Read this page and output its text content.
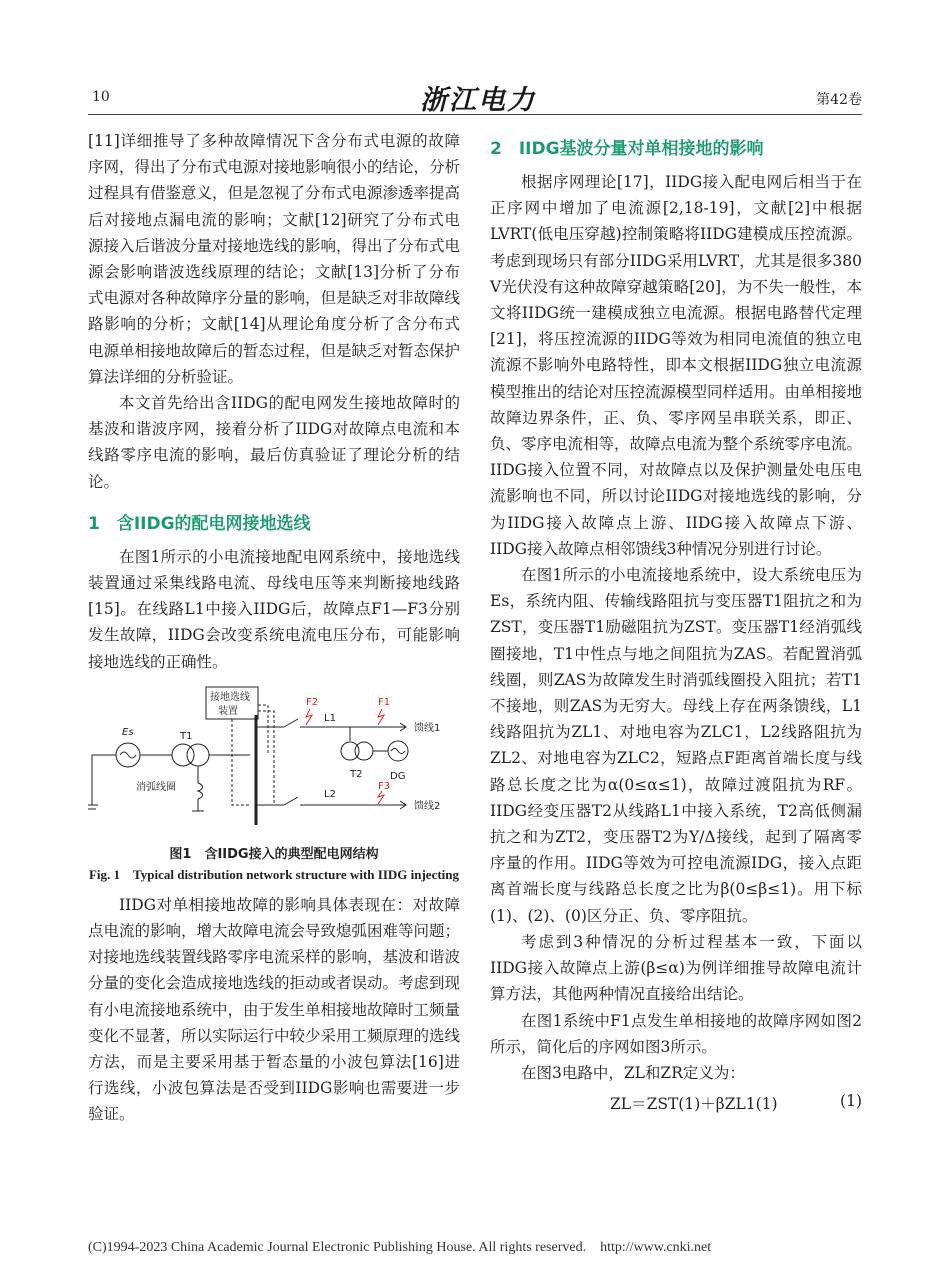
10	浙江电力	第42卷

[11]详细推导了多种故障情况下含分布式电源的故障序网，得出了分布式电源对接地影响很小的结论，分析过程具有借鉴意义，但是忽视了分布式电源渗透率提高后对接地点漏电流的影响；文献[12]研究了分布式电源接入后谐波分量对接地选线的影响，得出了分布式电源会影响谐波选线原理的结论；文献[13]分析了分布式电源对各种故障序分量的影响，但是缺乏对非故障线路影响的分析；文献[14]从理论角度分析了含分布式电源单相接地故障后的暂态过程，但是缺乏对暂态保护算法详细的分析验证。

本文首先给出含IIDG的配电网发生接地故障时的基波和谐波序网，接着分析了IIDG对故障点电流和本线路零序电流的影响，最后仿真验证了理论分析的结论。

1　含IIDG的配电网接地选线

在图1所示的小电流接地配电网系统中，接地选线装置通过采集线路电流、母线电压等来判断接地线路[15]。在线路L1中接入IIDG后，故障点F1—F3分别发生故障，IIDG会改变系统电流电压分布，可能影响接地选线的正确性。

Es	T1
消弧线圈
接地选线
装置
L1
馈线1
F2	F1
T2	DG
L2
馈线2
F3
图1　含IIDG接入的典型配电网结构
Fig. 1　Typical distribution network structure with IIDG injecting

IIDG对单相接地故障的影响具体表现在：对故障点电流的影响，增大故障电流会导致熄弧困难等问题；对接地选线装置线路零序电流采样的影响，基波和谐波分量的变化会造成接地选线的拒动或者误动。考虑到现有小电流接地系统中，由于发生单相接地故障时工频量变化不显著，所以实际运行中较少采用工频原理的选线方法，而是主要采用基于暂态量的小波包算法[16]进行选线，小波包算法是否受到IIDG影响也需要进一步验证。

2　IIDG基波分量对单相接地的影响

根据序网理论[17]，IIDG接入配电网后相当于在正序网中增加了电流源[2,18-19]，文献[2]中根据LVRT(低电压穿越)控制策略将IIDG建模成压控流源。考虑到现场只有部分IIDG采用LVRT，尤其是很多380 V光伏没有这种故障穿越策略[20]，为不失一般性，本文将IIDG统一建模成独立电流源。根据电路替代定理[21]，将压控流源的IIDG等效为相同电流值的独立电流源不影响外电路特性，即本文根据IIDG独立电流源模型推出的结论对压控流源模型同样适用。由单相接地故障边界条件，正、负、零序网呈串联关系，即正、负、零序电流相等，故障点电流为整个系统零序电流。IIDG接入位置不同，对故障点以及保护测量处电压电流影响也不同，所以讨论IIDG对接地选线的影响，分为IIDG接入故障点上游、IIDG接入故障点下游、IIDG接入故障点相邻馈线3种情况分别进行讨论。

在图1所示的小电流接地系统中，设大系统电压为Es，系统内阻、传输线路阻抗与变压器T1阻抗之和为ZST，变压器T1励磁阻抗为ZST。变压器T1经消弧线圈接地，T1中性点与地之间阻抗为ZAS。若配置消弧线圈，则ZAS为故障发生时消弧线圈投入阻抗；若T1不接地，则ZAS为无穷大。母线上存在两条馈线，L1线路阻抗为ZL1、对地电容为ZLC1，L2线路阻抗为ZL2、对地电容为ZLC2，短路点F距离首端长度与线路总长度之比为α(0≤α≤1)，故障过渡阻抗为RF。IIDG经变压器T2从线路L1中接入系统，T2高低侧漏抗之和为ZT2，变压器T2为Y/Δ接线，起到了隔离零序量的作用。IIDG等效为可控电流源IDG，接入点距离首端长度与线路总长度之比为β(0≤β≤1)。用下标(1)、(2)、(0)区分正、负、零序阻抗。

考虑到3种情况的分析过程基本一致，下面以IIDG接入故障点上游(β≤α)为例详细推导故障电流计算方法，其他两种情况直接给出结论。

在图1系统中F1点发生单相接地的故障序网如图2所示，简化后的序网如图3所示。

在图3电路中，ZL和ZR定义为：

ZL＝ZST(1)＋βZL1(1)	(1)
(C)1994-2023 China Academic Journal Electronic Publishing House. All rights reserved.　http://www.cnki.net
